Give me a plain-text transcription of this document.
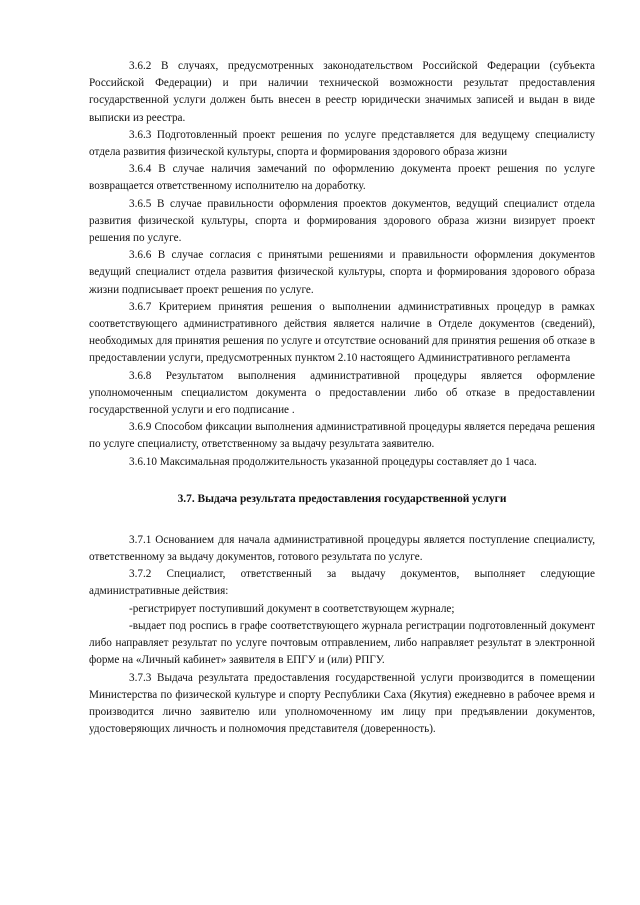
3.6.2 В случаях, предусмотренных законодательством Российской Федерации (субъекта Российской Федерации) и при наличии технической возможности результат предоставления государственной услуги должен быть внесен в реестр юридически значимых записей и выдан в виде выписки из реестра.

3.6.3 Подготовленный проект решения по услуге представляется для ведущему специалисту отдела развития физической культуры, спорта и формирования здорового образа жизни

3.6.4 В случае наличия замечаний по оформлению документа проект решения по услуге возвращается ответственному исполнителю на доработку.

3.6.5 В случае правильности оформления проектов документов, ведущий специалист отдела развития физической культуры, спорта и формирования здорового образа жизни визирует проект решения по услуге.

3.6.6 В случае согласия с принятыми решениями и правильности оформления документов ведущий специалист отдела развития физической культуры, спорта и формирования здорового образа жизни подписывает проект решения по услуге.

3.6.7 Критерием принятия решения о выполнении административных процедур в рамках соответствующего административного действия является наличие в Отделе документов (сведений), необходимых для принятия решения по услуге и отсутствие оснований для принятия решения об отказе в предоставлении услуги, предусмотренных пунктом 2.10 настоящего Административного регламента

3.6.8 Результатом выполнения административной процедуры является оформление уполномоченным специалистом документа о предоставлении либо об отказе в предоставлении государственной услуги и его подписание .

3.6.9 Способом фиксации выполнения административной процедуры является передача решения по услуге специалисту, ответственному за выдачу результата заявителю.

3.6.10 Максимальная продолжительность указанной процедуры составляет до 1 часа.

3.7. Выдача результата предоставления государственной услуги

3.7.1 Основанием для начала административной процедуры является поступление специалисту, ответственному за выдачу документов, готового результата по услуге.

3.7.2 Специалист, ответственный за выдачу документов, выполняет следующие административные действия:

-регистрирует поступивший документ в соответствующем журнале;

-выдает под роспись в графе соответствующего журнала регистрации подготовленный документ либо направляет результат по услуге почтовым отправлением, либо направляет результат в электронной форме на «Личный кабинет» заявителя в ЕПГУ и (или) РПГУ.

3.7.3 Выдача результата предоставления государственной услуги производится в помещении Министерства по физической культуре и спорту Республики Саха (Якутия) ежедневно в рабочее время и производится лично заявителю или уполномоченному им лицу при предъявлении документов, удостоверяющих личность и полномочия представителя (доверенность).
